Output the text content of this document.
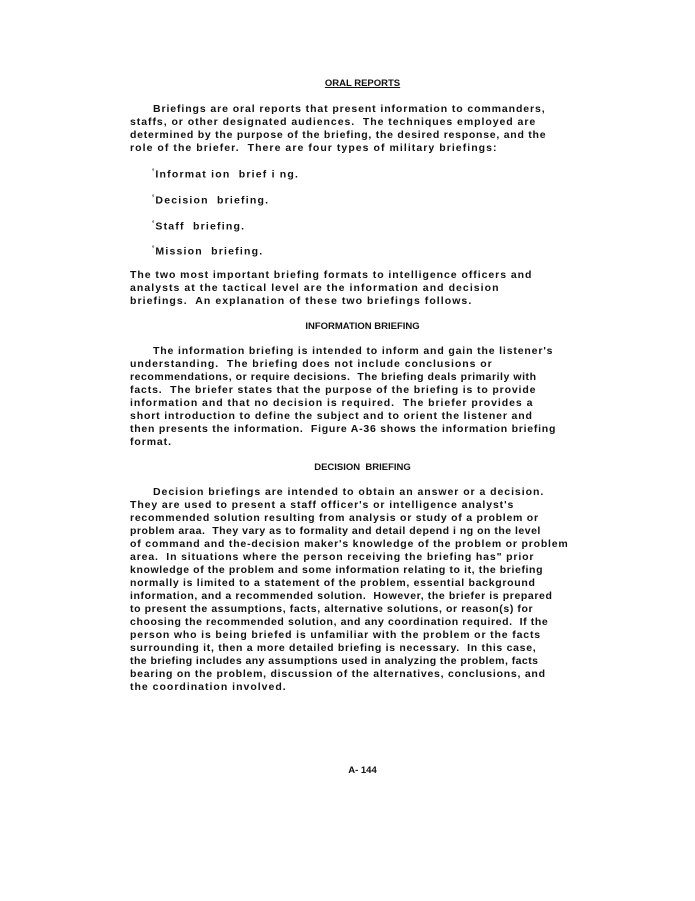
ORAL REPORTS
Briefings are oral reports that present information to commanders,
staffs, or other designated audiences.  The techniques employed are
determined by the purpose of the briefing, the desired response, and the
role of the briefer.  There are four types of military briefings:
°Informat ion  brief i ng.
°Decision  briefing.
°Staff  briefing.
°Mission  briefing.
The two most important briefing formats to intelligence officers and
analysts at the tactical level are the information and decision
briefings.  An explanation of these two briefings follows.
INFORMATION BRIEFING
The information briefing is intended to inform and gain the listener's
understanding.  The briefing does not include conclusions or
recommendations, or require decisions.  The briefing deals primarily with
facts.  The briefer states that the purpose of the briefing is to provide
information and that no decision is required.  The briefer provides a
short introduction to define the subject and to orient the listener and
then presents the information.  Figure A-36 shows the information briefing
format.
DECISION  BRIEFING
Decision briefings are intended to obtain an answer or a decision.
They are used to present a staff officer's or intelligence analyst's
recommended solution resulting from analysis or study of a problem or
problem araa.  They vary as to formality and detail depend i ng on the level
of command and the-decision maker's knowledge of the problem or problem
area.  In situations where the person receiving the briefing has" prior
knowledge of the problem and some information relating to it, the briefing
normally is limited to a statement of the problem, essential background
information, and a recommended solution.  However, the briefer is prepared
to present the assumptions, facts, alternative solutions, or reason(s) for
choosing the recommended solution, and any coordination required.  If the
person who is being briefed is unfamiliar with the problem or the facts
surrounding it, then a more detailed briefing is necessary.  In this case,
the briefing includes any assumptions used in analyzing the problem, facts
bearing on the problem, discussion of the alternatives, conclusions, and
the coordination involved.
A- 144
